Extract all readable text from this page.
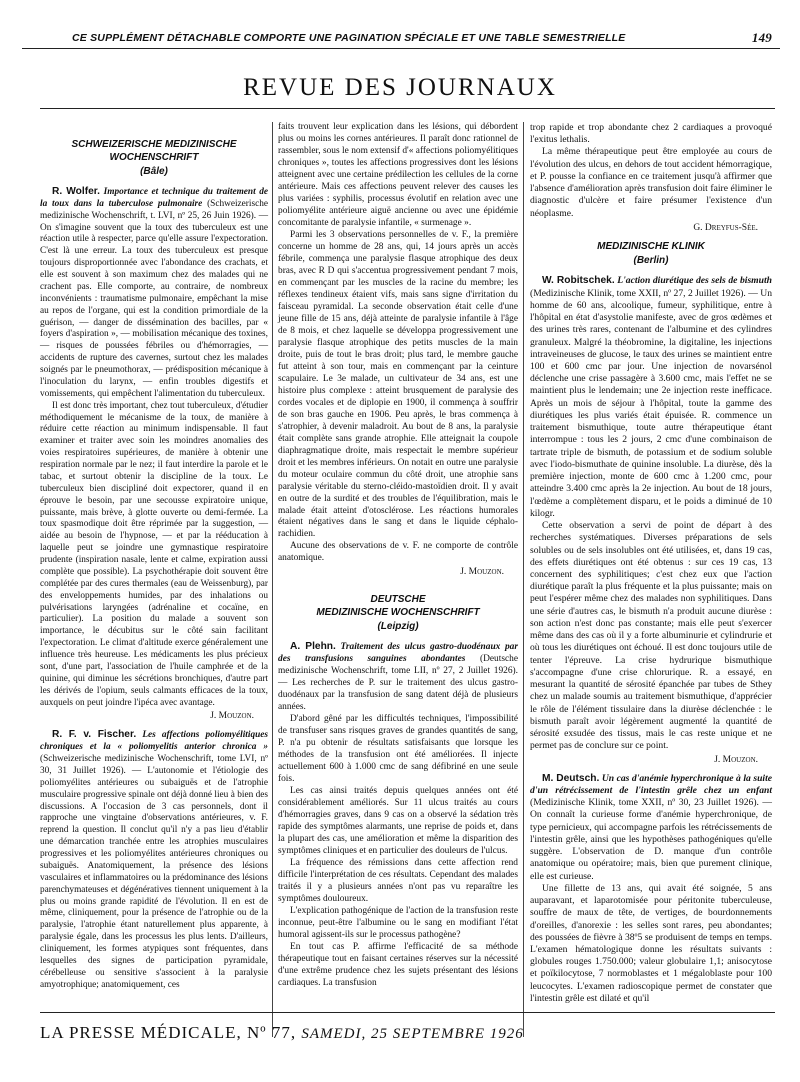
CE SUPPLÉMENT DÉTACHABLE COMPORTE UNE PAGINATION SPÉCIALE ET UNE TABLE SEMESTRIELLE	149
REVUE DES JOURNAUX
SCHWEIZERISCHE MEDIZINISCHE
WOCHENSCHRIFT
(Bâle)

R. Wolfer. Importance et technique du traitement de la toux dans la tuberculose pulmonaire (Schweizerische medizinische Wochenschrift, t. LVI, nº 25, 26 Juin 1926). — On s'imagine souvent que la toux des tuberculeux est une réaction utile à respecter, parce qu'elle assure l'expectoration. C'est là une erreur. La toux des tuberculeux est presque toujours disproportionnée avec l'abondance des crachats, et elle est souvent à son maximum chez des malades qui ne crachent pas. Elle comporte, au contraire, de nombreux inconvénients : traumatisme pulmonaire, empêchant la mise au repos de l'organe, qui est la condition primordiale de la guérison, — danger de dissémination des bacilles, par « foyers d'aspiration », — mobilisation mécanique des toxines, — risques de poussées fébriles ou d'hémorragies, — accidents de rupture des cavernes, surtout chez les malades soignés par le pneumothorax, — prédisposition mécanique à l'inoculation du larynx, — enfin troubles digestifs et vomissements, qui empêchent l'alimentation du tuberculeux.

Il est donc très important, chez tout tuberculeux, d'étudier méthodiquement le mécanisme de la toux, de manière à réduire cette réaction au minimum indispensable. Il faut examiner et traiter avec soin les moindres anomalies des voies respiratoires supérieures, de manière à obtenir une respiration normale par le nez; il faut interdire la parole et le tabac, et surtout obtenir la discipline de la toux. Le tuberculeux bien discipliné doit expectorer, quand il en éprouve le besoin, par une secousse expiratoire unique, puissante, mais brève, à glotte ouverte ou demi-fermée. La toux spasmodique doit être réprimée par la suggestion, — aidée au besoin de l'hypnose, — et par la rééducation à laquelle peut se joindre une gymnastique respiratoire prudente (inspiration nasale, lente et calme, expiration aussi complète que possible). La psychothérapie doit souvent être complétée par des cures thermales (eau de Weissenburg), par des enveloppements humides, par des inhalations ou pulvérisations laryngées (adrénaline et cocaïne, en particulier). La position du malade a souvent son importance, le décubitus sur le côté sain facilitant l'expectoration. Le climat d'altitude exerce généralement une influence très heureuse. Les médicaments les plus précieux sont, d'une part, l'association de l'huile camphrée et de la quinine, qui diminue les sécrétions bronchiques, d'autre part les dérivés de l'opium, seuls calmants efficaces de la toux, auxquels on peut joindre l'ipéca avec avantage.

J. Mouzon.

R. F. v. Fischer. Les affections poliomyélitiques chroniques et la « poliomyelitis anterior chronica » (Schweizerische medizinische Wochenschrift, tome LVI, nº 30, 31 Juillet 1926). — L'autonomie et l'étiologie des poliomyélites antérieures ou subaiguës et de l'atrophie musculaire progressive spinale ont déjà donné lieu à bien des discussions. A l'occasion de 3 cas personnels, dont il rapproche une vingtaine d'observations antérieures, v. F. reprend la question. Il conclut qu'il n'y a pas lieu d'établir une démarcation tranchée entre les atrophies musculaires progressives et les poliomyélites antérieures chroniques ou subaiguës. Anatomiquement, la présence des lésions vasculaires et inflammatoires ou la prédominance des lésions parenchymateuses et dégénératives tiennent uniquement à la plus ou moins grande rapidité de l'évolution. Il en est de même, cliniquement, pour la présence de l'atrophie ou de la paralysie, l'atrophie étant naturellement plus apparente, à paralysie égale, dans les processus les plus lents. D'ailleurs, cliniquement, les formes atypiques sont fréquentes, dans lesquelles des signes de participation pyramidale, cérébelleuse ou sensitive s'associent à la paralysie amyotrophique; anatomiquement, ces

faits trouvent leur explication dans les lésions, qui débordent plus ou moins les cornes antérieures. Il paraît donc rationnel de rassembler, sous le nom extensif d'« affections poliomyélitiques chroniques », toutes les affections progressives dont les lésions atteignent avec une certaine prédilection les cellules de la corne antérieure. Mais ces affections peuvent relever des causes les plus variées : syphilis, processus évolutif en relation avec une poliomyélite antérieure aiguë ancienne ou avec une épidémie concomitante de paralysie infantile, « surmenage ».

Parmi les 3 observations personnelles de v. F., la première concerne un homme de 28 ans, qui, 14 jours après un accès fébrile, commença une paralysie flasque atrophique des deux bras, avec R D qui s'accentua progressivement pendant 7 mois, en commençant par les muscles de la racine du membre; les réflexes tendineux étaient vifs, mais sans signe d'irritation du faisceau pyramidal. La seconde observation était celle d'une jeune fille de 15 ans, déjà atteinte de paralysie infantile à l'âge de 8 mois, et chez laquelle se développa progressivement une paralysie flasque atrophique des petits muscles de la main droite, puis de tout le bras droit; plus tard, le membre gauche fut atteint à son tour, mais en commençant par la ceinture scapulaire. Le 3e malade, un cultivateur de 34 ans, est une histoire plus complexe : atteint brusquement de paralysie des cordes vocales et de diplopie en 1900, il commença à souffrir de son bras gauche en 1906. Peu après, le bras commença à s'atrophier, à devenir maladroit. Au bout de 8 ans, la paralysie était complète sans grande atrophie. Elle atteignait la coupole diaphragmatique droite, mais respectait le membre supérieur droit et les membres inférieurs. On notait en outre une paralysie du moteur oculaire commun du côté droit, une atrophie sans paralysie véritable du sterno-cléido-mastoïdien droit. Il y avait en outre de la surdité et des troubles de l'équilibration, mais le malade était atteint d'otosclérose. Les réactions humorales étaient négatives dans le sang et dans le liquide céphalo-rachidien.

Aucune des observations de v. F. ne comporte de contrôle anatomique.

J. Mouzon.

DEUTSCHE
MEDIZINISCHE WOCHENSCHRIFT
(Leipzig)

A. Plehn. Traitement des ulcus gastro-duodénaux par des transfusions sanguines abondantes (Deutsche medizinische Wochenschrift, tome LII, nº 27, 2 Juillet 1926). — Les recherches de P. sur le traitement des ulcus gastro-duodénaux par la transfusion de sang datent déjà de plusieurs années.

D'abord gêné par les difficultés techniques, l'impossibilité de transfuser sans risques graves de grandes quantités de sang, P. n'a pu obtenir de résultats satisfaisants que lorsque les méthodes de la transfusion ont été améliorées. Il injecte actuellement 600 à 1.000 cmc de sang défibriné en une seule fois.

Les cas ainsi traités depuis quelques années ont été considérablement améliorés. Sur 11 ulcus traités au cours d'hémorragies graves, dans 9 cas on a observé la sédation très rapide des symptômes alarmants, une reprise de poids et, dans la plupart des cas, une amélioration et même la disparition des symptômes cliniques et en particulier des douleurs de l'ulcus.

La fréquence des rémissions dans cette affection rend difficile l'interprétation de ces résultats. Cependant des malades traités il y a plusieurs années n'ont pas vu reparaître les symptômes douloureux.

L'explication pathogénique de l'action de la transfusion reste inconnue, peut-être l'albumine ou le sang en modifiant l'état humoral agissent-ils sur le processus pathogène?

En tout cas P. affirme l'efficacité de sa méthode thérapeutique tout en faisant certaines réserves sur la nécessité d'une extrême prudence chez les sujets présentant des lésions cardiaques. La transfusion

trop rapide et trop abondante chez 2 cardiaques a provoqué l'exitus lethalis.

La même thérapeutique peut être employée au cours de l'évolution des ulcus, en dehors de tout accident hémorragique, et P. pousse la confiance en ce traitement jusqu'à affirmer que l'absence d'amélioration après transfusion doit faire éliminer le diagnostic d'ulcère et faire présumer l'existence d'un néoplasme.

G. Dreyfus-Sée.

MEDIZINISCHE KLINIK
(Berlin)

W. Robitschek. L'action diurétique des sels de bismuth (Medizinische Klinik, tome XXII, nº 27, 2 Juillet 1926). — Un homme de 60 ans, alcoolique, fumeur, syphilitique, entre à l'hôpital en état d'asystolie manifeste, avec de gros œdèmes et des urines très rares, contenant de l'albumine et des cylindres granuleux. Malgré la théobromine, la digitaline, les injections intraveineuses de glucose, le taux des urines se maintient entre 100 et 600 cmc par jour. Une injection de novarsénol déclenche une crise passagère à 3.600 cmc, mais l'effet ne se maintient plus le lendemain; une 2e injection reste inefficace. Après un mois de séjour à l'hôpital, toute la gamme des diurétiques les plus variés était épuisée. R. commence un traitement bismuthique, toute autre thérapeutique étant interrompue : tous les 2 jours, 2 cmc d'une combinaison de tartrate triple de bismuth, de potassium et de sodium soluble avec l'iodo-bismuthate de quinine insoluble. La diurèse, dès la première injection, monte de 600 cmc à 1.200 cmc, pour atteindre 3.400 cmc après la 2e injection. Au bout de 18 jours, l'œdème a complètement disparu, et le poids a diminué de 10 kilogr.

Cette observation a servi de point de départ à des recherches systématiques. Diverses préparations de sels solubles ou de sels insolubles ont été utilisées, et, dans 19 cas, des effets diurétiques ont été obtenus : sur ces 19 cas, 13 concernent des syphilitiques; c'est chez eux que l'action diurétique paraît la plus fréquente et la plus puissante; mais on peut l'espérer même chez des malades non syphilitiques. Dans une série d'autres cas, le bismuth n'a produit aucune diurèse : son action n'est donc pas constante; mais elle peut s'exercer même dans des cas où il y a forte albuminurie et cylindrurie et où tous les diurétiques ont échoué. Il est donc toujours utile de tenter l'épreuve. La crise hydrurique bismuthique s'accompagne d'une crise chlorurique. R. a essayé, en mesurant la quantité de sérosité épanchée par tubes de Sthey chez un malade soumis au traitement bismuthique, d'apprécier le rôle de l'élément tissulaire dans la diurèse déclenchée : le bismuth paraît avoir légèrement augmenté la quantité de sérosité exsudée des tissus, mais le cas reste unique et ne permet pas de conclure sur ce point.

J. Mouzon.

M. Deutsch. Un cas d'anémie hyperchronique à la suite d'un rétrécissement de l'intestin grêle chez un enfant (Medizinische Klinik, tome XXII, nº 30, 23 Juillet 1926). — On connaît la curieuse forme d'anémie hyperchronique, de type pernicieux, qui accompagne parfois les rétrécissements de l'intestin grêle, ainsi que les hypothèses pathogéniques qu'elle suggère. L'observation de D. manque d'un contrôle anatomique ou opératoire; mais, bien que purement clinique, elle est curieuse.

Une fillette de 13 ans, qui avait été soignée, 5 ans auparavant, et laparotomisée pour péritonite tuberculeuse, souffre de maux de tête, de vertiges, de bourdonnements d'oreilles, d'anorexie : les selles sont rares, peu abondantes; des poussées de fièvre à 38º5 se produisent de temps en temps. L'examen hématologique donne les résultats suivants : globules rouges 1.750.000; valeur globulaire 1,1; anisocytose et poïkilocytose, 7 normoblastes et 1 mégaloblaste pour 100 leucocytes. L'examen radioscopique permet de constater que l'intestin grêle est dilaté et qu'il

LA PRESSE MÉDICALE, Nº 77, SAMEDI, 25 SEPTEMBRE 1926
